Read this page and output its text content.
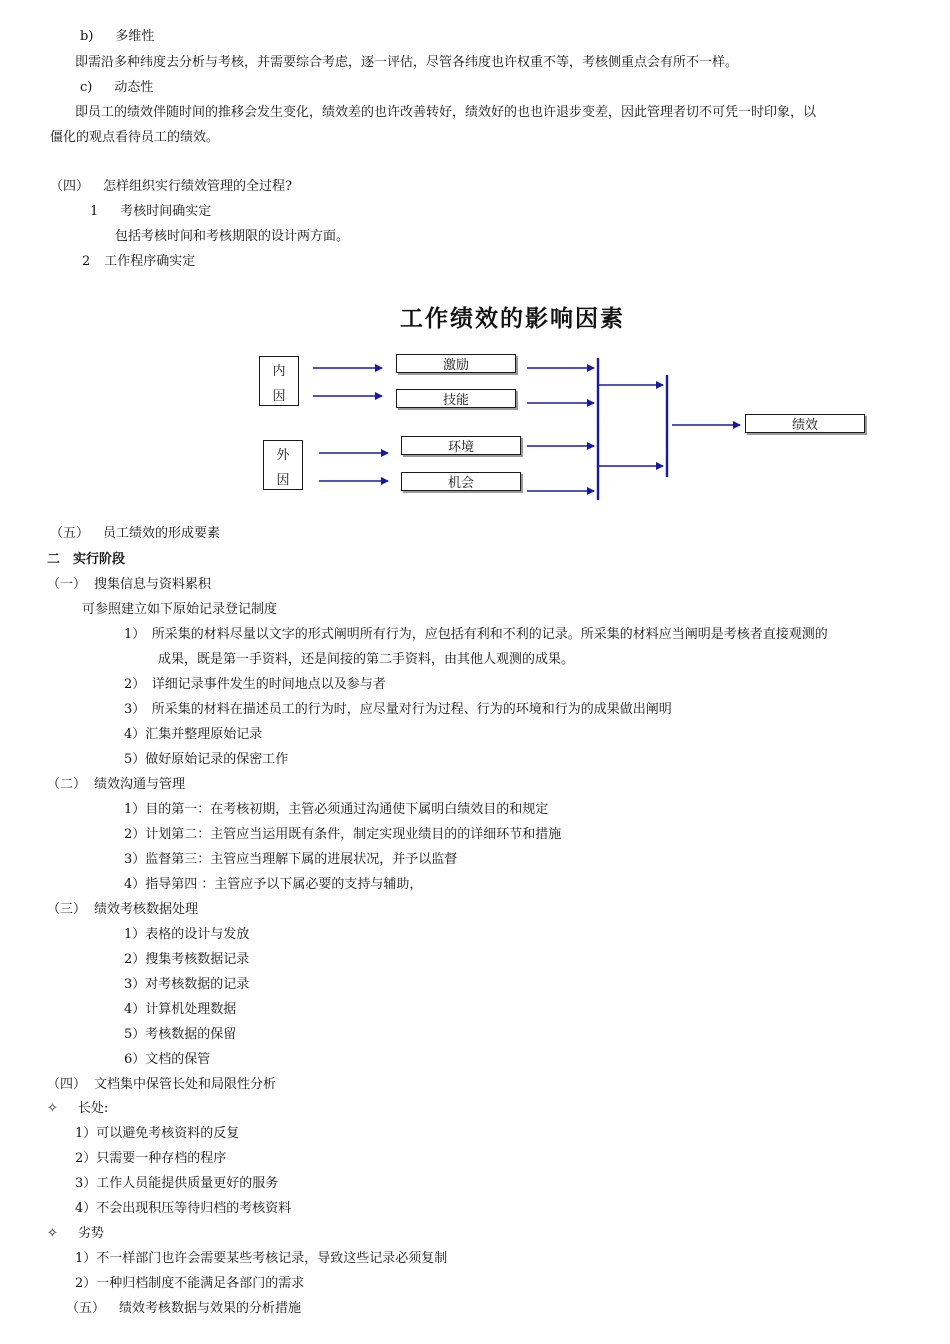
b) 多维性
即需沿多种纬度去分析与考核，并需要综合考虑，逐一评估，尽管各纬度也许权重不等，考核侧重点会有所不一样。
c) 动态性
即员工的绩效伴随时间的推移会发生变化，绩效差的也许改善转好，绩效好的也也许退步变差，因此管理者切不可凭一时印象，以
僵化的观点看待员工的绩效。
（四） 怎样组织实行绩效管理的全过程?
1 考核时间确实定
包括考核时间和考核期限的设计两方面。
2 工作程序确实定
工作绩效的影响因素
内
因
外
因
激励
技能
环境
机会
绩效
（五） 员工绩效的形成要素
二　实行阶段
（一） 搜集信息与资料累积
可参照建立如下原始记录登记制度
1）　所采集的材料尽量以文字的形式阐明所有行为，应包括有利和不利的记录。所采集的材料应当阐明是考核者直接观测的
成果，既是第一手资料，还是间接的第二手资料，由其他人观测的成果。
2）　详细记录事件发生的时间地点以及参与者
3）　所采集的材料在描述员工的行为时，应尽量对行为过程、行为的环境和行为的成果做出阐明
4）汇集并整理原始记录
5）做好原始记录的保密工作
（二） 绩效沟通与管理
1）目的第一：在考核初期，主管必须通过沟通使下属明白绩效目的和规定
2）计划第二：主管应当运用既有条件，制定实现业绩目的的详细环节和措施
3）监督第三：主管应当理解下属的进展状况，并予以监督
4）指导第四 ：主管应予以下属必要的支持与辅助，
（三） 绩效考核数据处理
1）表格的设计与发放
2）搜集考核数据记录
3）对考核数据的记录
4）计算机处理数据
5）考核数据的保留
6）文档的保管
（四） 文档集中保管长处和局限性分析
✧ 长处:
1）可以避免考核资料的反复
2）只需要一种存档的程序
3）工作人员能提供质量更好的服务
4）不会出现积压等待归档的考核资料
✧ 劣势
1）不一样部门也许会需要某些考核记录，导致这些记录必须复制
2）一种归档制度不能满足各部门的需求
（五） 绩效考核数据与效果的分析措施
